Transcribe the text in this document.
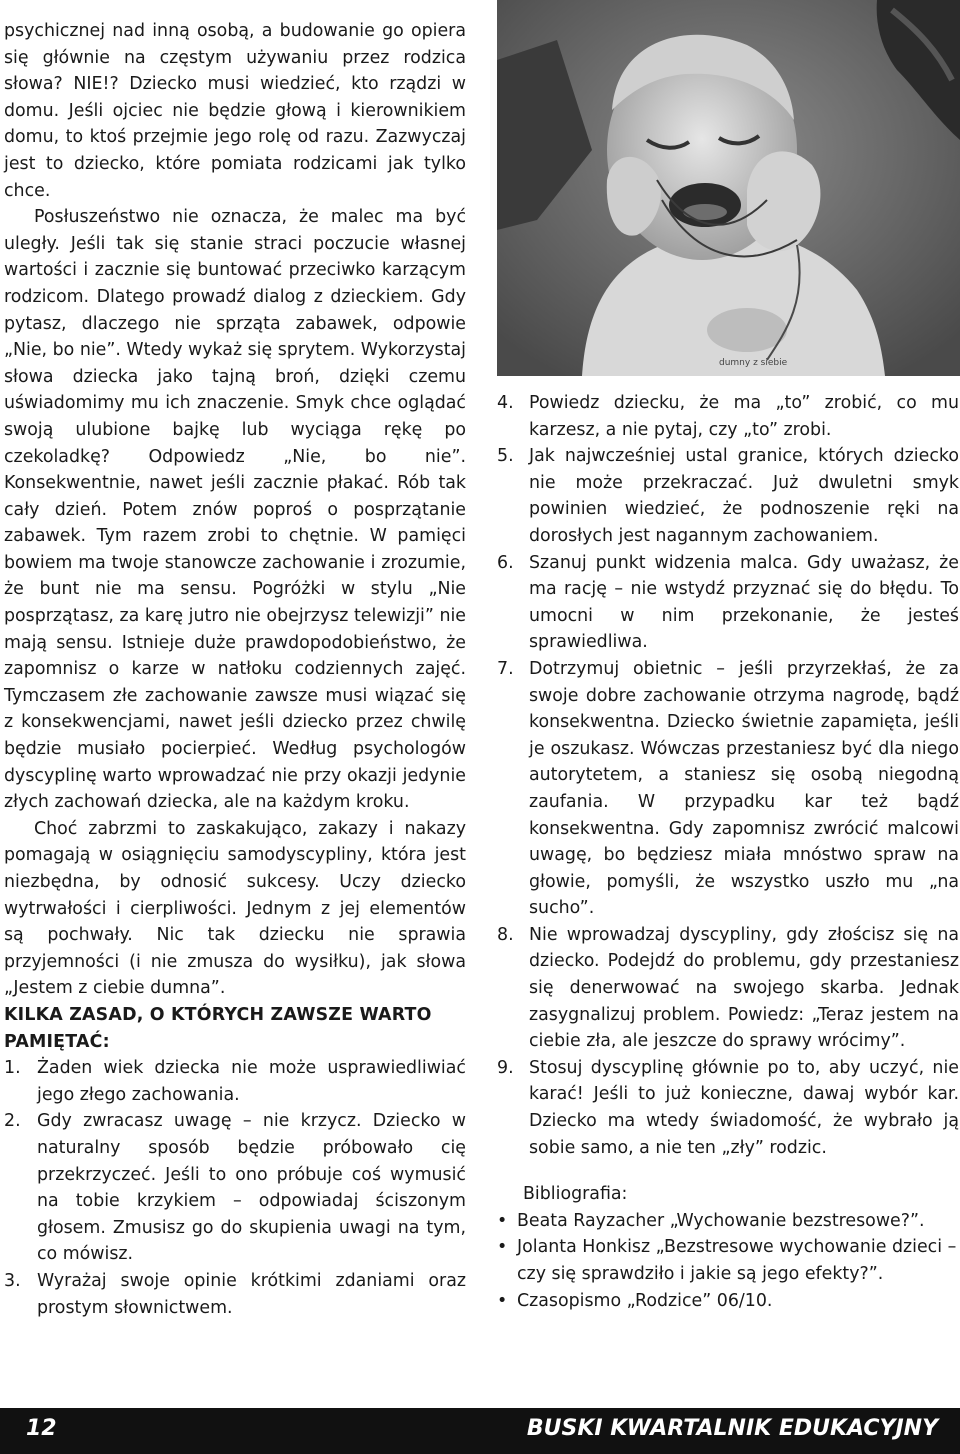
dumny z siebie

psychicznej nad inną osobą, a budowanie go opiera się głównie na częstym używaniu przez rodzica słowa? NIE!? Dziecko musi wiedzieć, kto rządzi w domu. Jeśli ojciec nie będzie głową i kierownikiem domu, to ktoś przejmie jego rolę od razu. Zazwyczaj jest to dziecko, które pomiata rodzicami jak tylko chce.

Posłuszeństwo nie oznacza, że malec ma być uległy. Jeśli tak się stanie straci poczucie własnej wartości i zacznie się buntować przeciwko karzącym rodzicom. Dlatego prowadź dialog z dzieckiem. Gdy pytasz, dlaczego nie sprząta zabawek, odpowie „Nie, bo nie”. Wtedy wykaż się sprytem. Wykorzystaj słowa dziecka jako tajną broń, dzięki czemu uświadomimy mu ich znaczenie. Smyk chce oglądać swoją ulubione bajkę lub wyciąga rękę po czekoladkę? Odpowiedz „Nie, bo nie”. Konsekwentnie, nawet jeśli zacznie płakać. Rób tak cały dzień. Potem znów poproś o posprzątanie zabawek. Tym razem zrobi to chętnie. W pamięci bowiem ma twoje stanowcze zachowanie i zrozumie, że bunt nie ma sensu. Pogróżki w stylu „Nie posprzątasz, za karę jutro nie obejrzysz telewizji” nie mają sensu. Istnieje duże prawdopodobieństwo, że zapomnisz o karze w natłoku codziennych zajęć. Tymczasem złe zachowanie zawsze musi wiązać się z konsekwencjami, nawet jeśli dziecko przez chwilę będzie musiało pocierpieć. Według psychologów dyscyplinę warto wprowadzać nie przy okazji jedynie złych zachowań dziecka, ale na każdym kroku.

Choć zabrzmi to zaskakująco, zakazy i nakazy pomagają w osiągnięciu samodyscypliny, która jest niezbędna, by odnosić sukcesy. Uczy dziecko wytrwałości i cierpliwości. Jednym z jej elementów są pochwały. Nic tak dziecku nie sprawia przyjemności (i nie zmusza do wysiłku), jak słowa „Jestem z ciebie dumna”.

KILKA ZASAD, O KTÓRYCH ZAWSZE WARTO PAMIĘTAĆ:

1. Żaden wiek dziecka nie może usprawiedliwiać jego złego zachowania.
2. Gdy zwracasz uwagę – nie krzycz. Dziecko w naturalny sposób będzie próbowało cię przekrzyczeć. Jeśli to ono próbuje coś wymusić na tobie krzykiem – odpowiadaj ściszonym głosem. Zmusisz go do skupienia uwagi na tym, co mówisz.
3. Wyrażaj swoje opinie krótkimi zdaniami oraz prostym słownictwem.
4. Powiedz dziecku, że ma „to” zrobić, co mu karzesz, a nie pytaj, czy „to” zrobi.
5. Jak najwcześniej ustal granice, których dziecko nie może przekraczać. Już dwuletni smyk powinien wiedzieć, że podnoszenie ręki na dorosłych jest nagannym zachowaniem.
6. Szanuj punkt widzenia malca. Gdy uważasz, że ma rację – nie wstydź przyznać się do błędu. To umocni w nim przekonanie, że jesteś sprawiedliwa.
7. Dotrzymuj obietnic – jeśli przyrzekłaś, że za swoje dobre zachowanie otrzyma nagrodę, bądź konsekwentna. Dziecko świetnie zapamięta, jeśli je oszukasz. Wówczas przestaniesz być dla niego autorytetem, a staniesz się osobą niegodną zaufania. W przypadku kar też bądź konsekwentna. Gdy zapomnisz zwrócić malcowi uwagę, bo będziesz miała mnóstwo spraw na głowie, pomyśli, że wszystko uszło mu „na sucho”.
8. Nie wprowadzaj dyscypliny, gdy złościsz się na dziecko. Podejdź do problemu, gdy przestaniesz się denerwować na swojego skarba. Jednak zasygnalizuj problem. Powiedz: „Teraz jestem na ciebie zła, ale jeszcze do sprawy wrócimy”.
9. Stosuj dyscyplinę głównie po to, aby uczyć, nie karać! Jeśli to już konieczne, dawaj wybór kar. Dziecko ma wtedy świadomość, że wybrało ją sobie samo, a nie ten „zły” rodzic.

Bibliografia:

• Beata Rayzacher „Wychowanie bezstresowe?”.
• Jolanta Honkisz „Bezstresowe wychowanie dzieci – czy się sprawdziło i jakie są jego efekty?”.
• Czasopismo „Rodzice” 06/10.
12	BUSKI KWARTALNIK EDUKACYJNY
